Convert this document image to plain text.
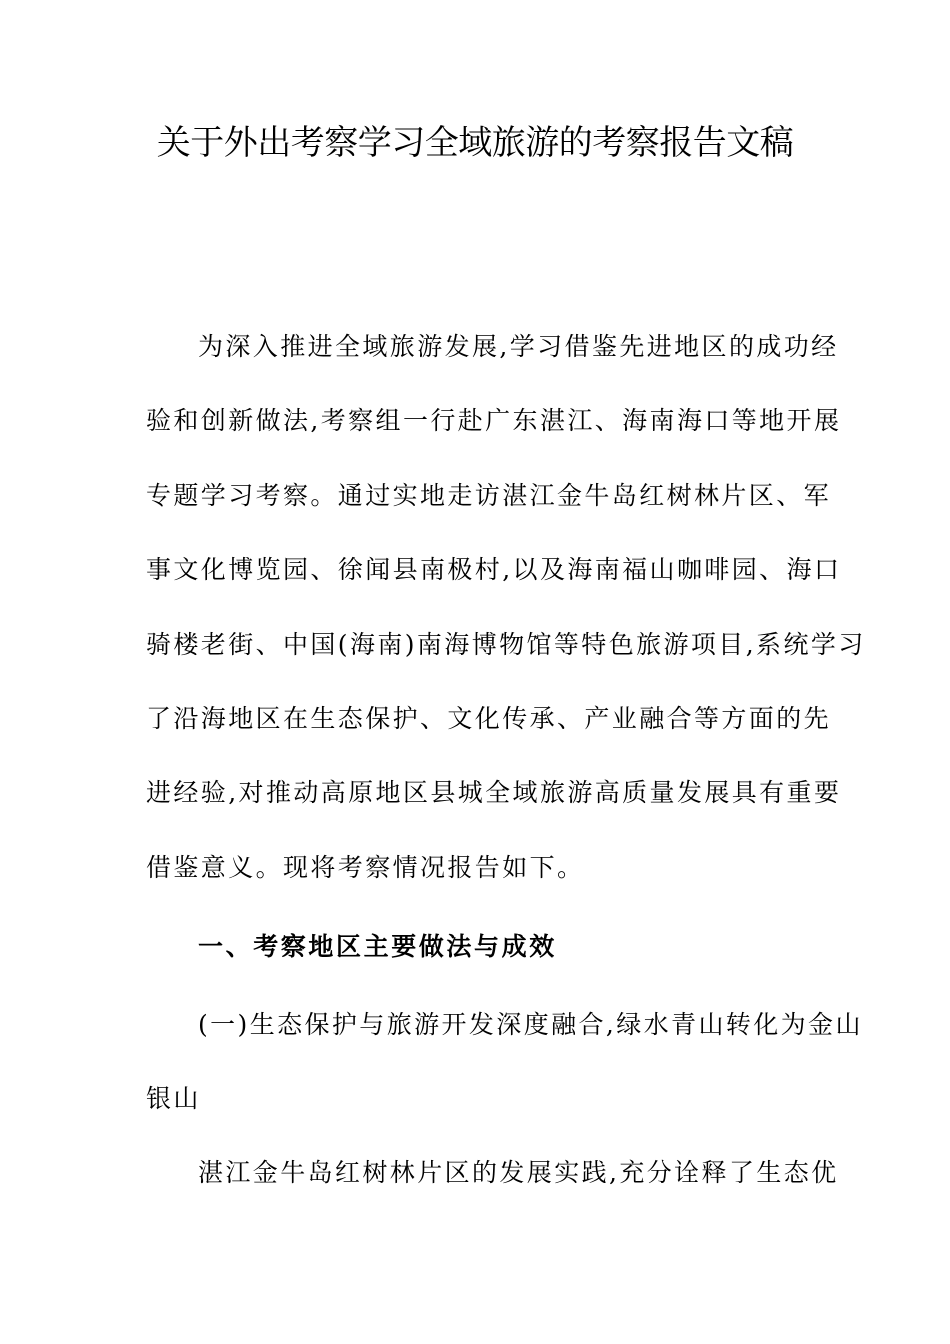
关于外出考察学习全域旅游的考察报告文稿
为深入推进全域旅游发展,学习借鉴先进地区的成功经
验和创新做法,考察组一行赴广东湛江、海南海口等地开展
专题学习考察。通过实地走访湛江金牛岛红树林片区、军
事文化博览园、徐闻县南极村,以及海南福山咖啡园、海口
骑楼老街、中国(海南)南海博物馆等特色旅游项目,系统学习
了沿海地区在生态保护、文化传承、产业融合等方面的先
进经验,对推动高原地区县城全域旅游高质量发展具有重要
借鉴意义。现将考察情况报告如下。
一、考察地区主要做法与成效
(一)生态保护与旅游开发深度融合,绿水青山转化为金山
银山
湛江金牛岛红树林片区的发展实践,充分诠释了生态优
